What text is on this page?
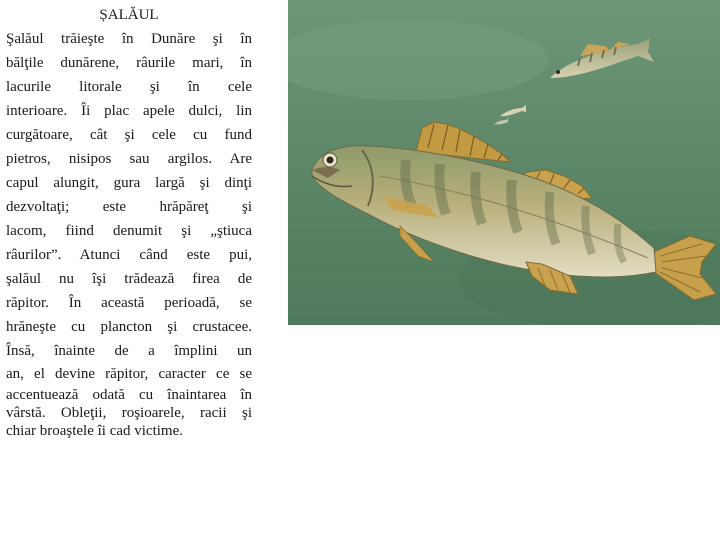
ȘALĂUL
Şalăul trăieşte în Dunăre şi în
bălţile dunărene, râurile mari, în
lacurile litorale şi în cele
interioare. Îi plac apele dulci, lin
curgătoare, cât şi cele cu fund
pietros, nisipos sau argilos. Are
capul alungit, gura largă şi dinţi
dezvoltaţi; este hrăpăreţ şi
lacom, fiind denumit şi „ştiuca
râurilor”. Atunci când este pui,
şalăul nu îşi trădează firea de
răpitor. În această perioadă, se
hrăneşte cu plancton şi crustacee.
Însă, înainte de a împlini un
an, el devine răpitor, caracter ce se
accentuează odată cu înaintarea în
vârstă. Obleţii, roşioarele, racii şi
chiar broaştele îi cad victime.
